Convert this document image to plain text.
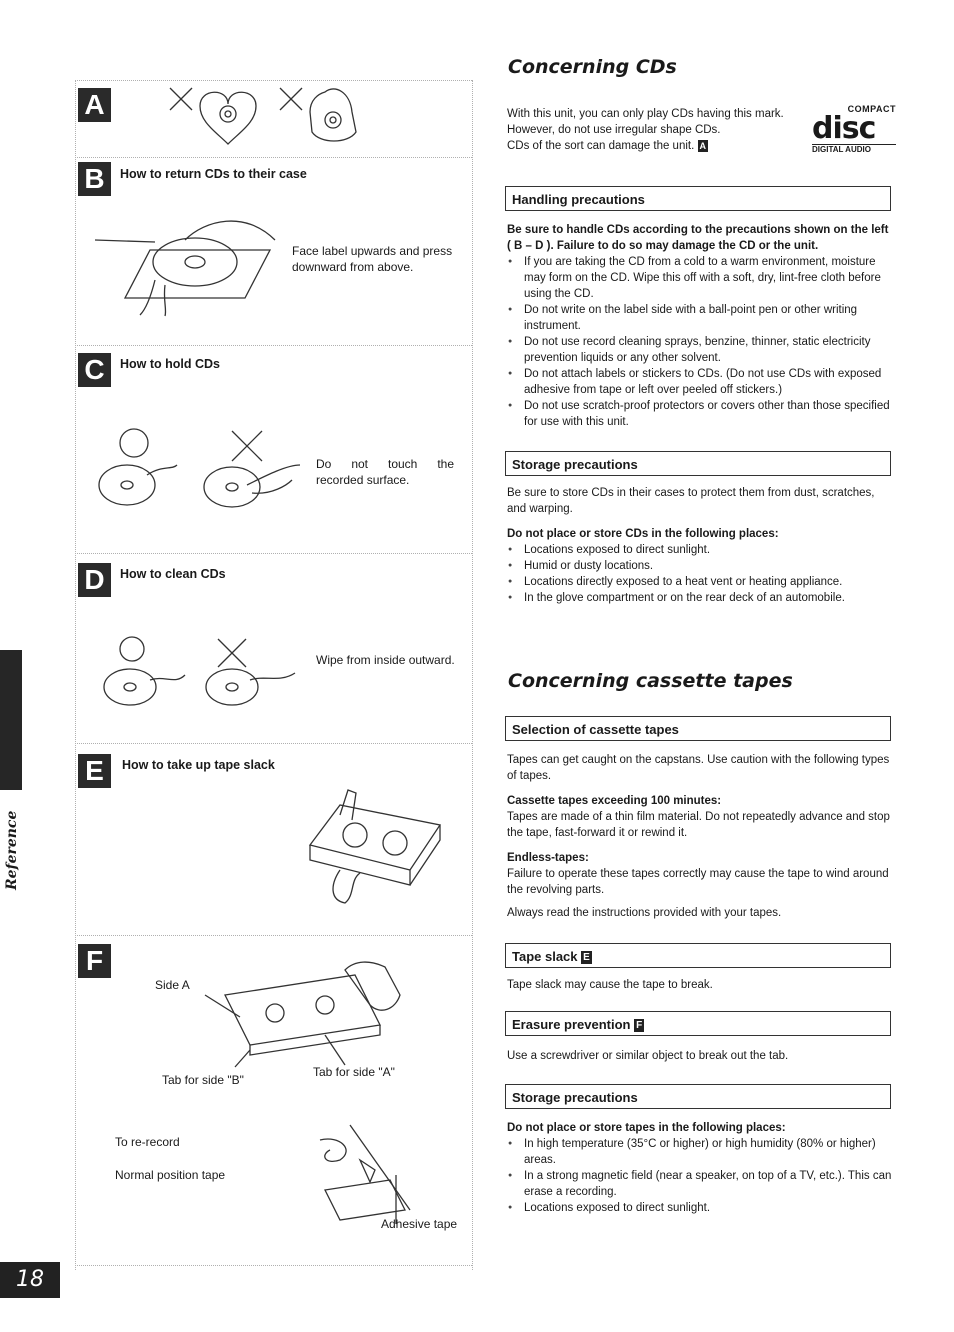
A
B	How to return CDs to their case
Face label upwards and press downward from above.
C	How to hold CDs
Do not touch the recorded surface.
D	How to clean CDs
Wipe from inside outward.
E	How to take up tape slack
F
Side A
Tab for side "B"
Tab for side "A"
To re-record
Normal position tape
Adhesive tape
Reference
18
Concerning CDs
With this unit, you can only play CDs having this mark.
However, do not use irregular shape CDs.
CDs of the sort can damage the unit. A
COMPACT
disc
DIGITAL AUDIO
Handling precautions
Be sure to handle CDs according to the precautions shown on the left ( B – D ). Failure to do so may damage the CD or the unit.
● If you are taking the CD from a cold to a warm environment, moisture may form on the CD. Wipe this off with a soft, dry, lint-free cloth before using the CD.
● Do not write on the label side with a ball-point pen or other writing instrument.
● Do not use record cleaning sprays, benzine, thinner, static electricity prevention liquids or any other solvent.
● Do not attach labels or stickers to CDs. (Do not use CDs with exposed adhesive from tape or left over peeled off stickers.)
● Do not use scratch-proof protectors or covers other than those specified for use with this unit.
Storage precautions
Be sure to store CDs in their cases to protect them from dust, scratches, and warping.
Do not place or store CDs in the following places:
● Locations exposed to direct sunlight.
● Humid or dusty locations.
● Locations directly exposed to a heat vent or heating appliance.
● In the glove compartment or on the rear deck of an automobile.
Concerning cassette tapes
Selection of cassette tapes
Tapes can get caught on the capstans. Use caution with the following types of tapes.
Cassette tapes exceeding 100 minutes:
Tapes are made of a thin film material. Do not repeatedly advance and stop the tape, fast-forward it or rewind it.
Endless-tapes:
Failure to operate these tapes correctly may cause the tape to wind around the revolving parts.
Always read the instructions provided with your tapes.
Tape slack E
Tape slack may cause the tape to break.
Erasure prevention F
Use a screwdriver or similar object to break out the tab.
Storage precautions
Do not place or store tapes in the following places:
● In high temperature (35°C or higher) or high humidity (80% or higher) areas.
● In a strong magnetic field (near a speaker, on top of a TV, etc.). This can erase a recording.
● Locations exposed to direct sunlight.
